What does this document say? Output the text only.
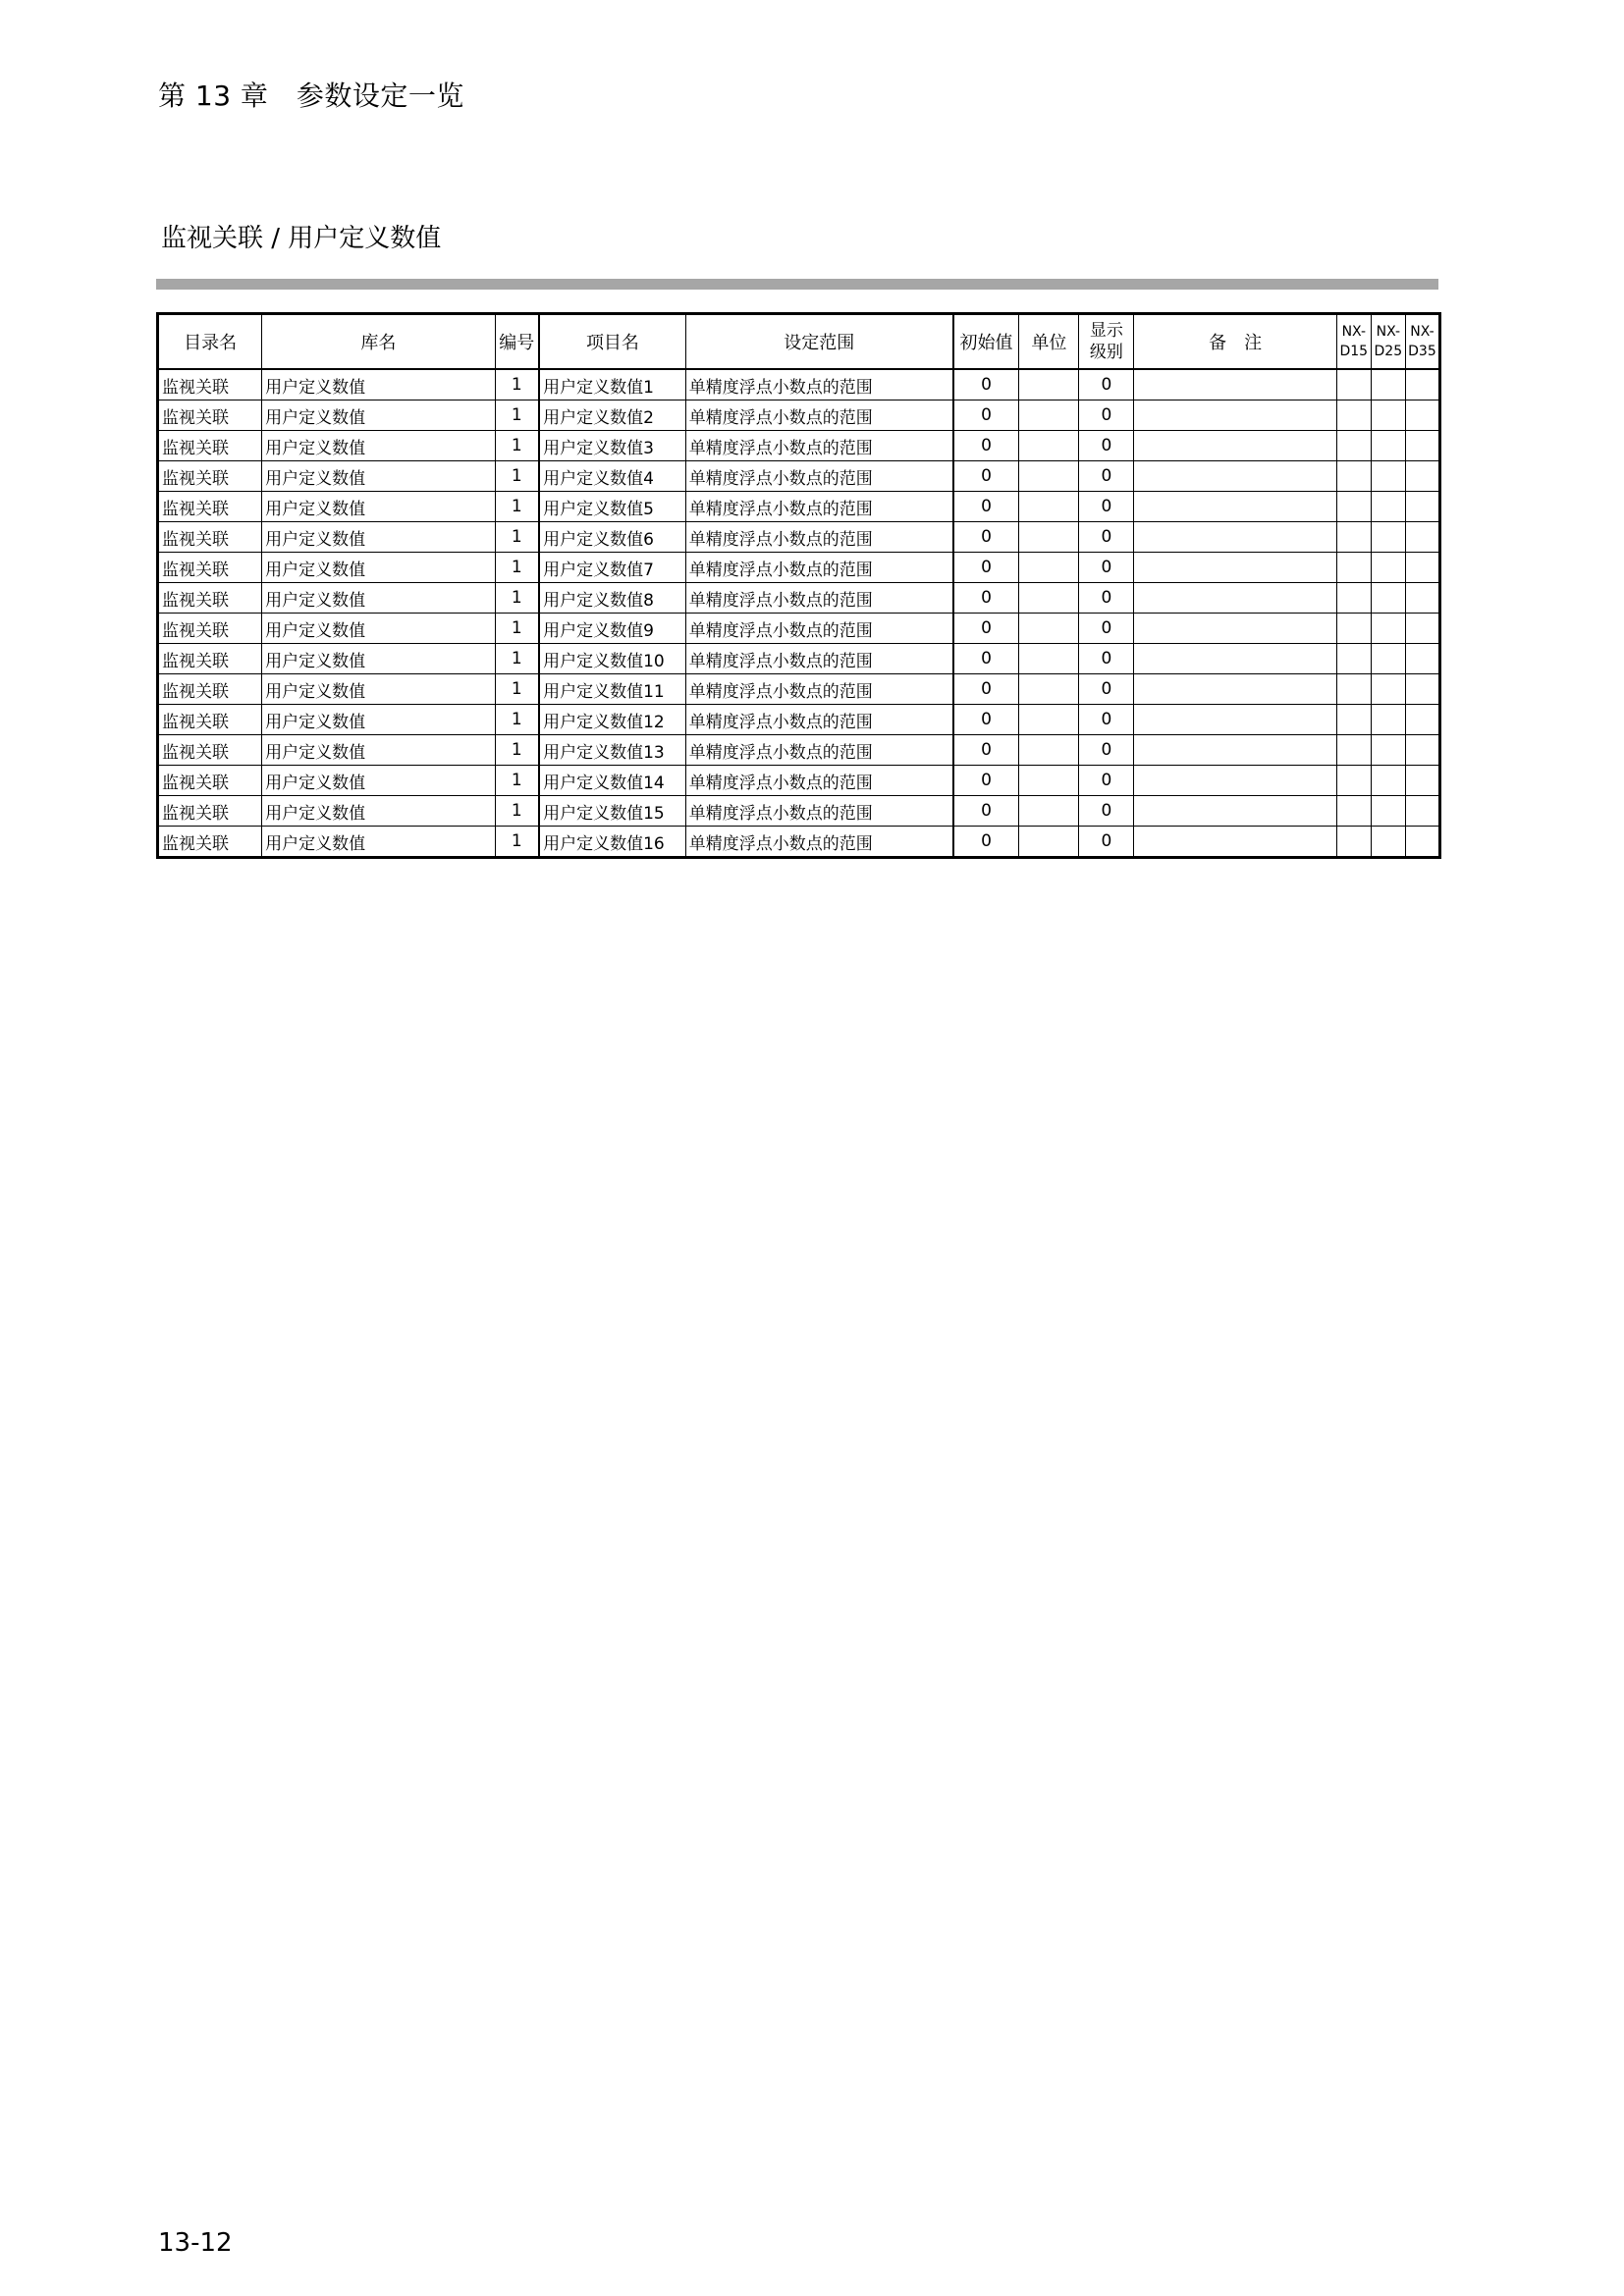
第 13 章　参数设定一览
监视关联 / 用户定义数值
目录名	库名	编号	项目名	设定范围	初始值	单位	显示级别	备　注	NX-D15	NX-D25	NX-D35
监视关联	用户定义数值	1	用户定义数值1	单精度浮点小数点的范围	0		0				
监视关联	用户定义数值	1	用户定义数值2	单精度浮点小数点的范围	0		0				
监视关联	用户定义数值	1	用户定义数值3	单精度浮点小数点的范围	0		0				
监视关联	用户定义数值	1	用户定义数值4	单精度浮点小数点的范围	0		0				
监视关联	用户定义数值	1	用户定义数值5	单精度浮点小数点的范围	0		0				
监视关联	用户定义数值	1	用户定义数值6	单精度浮点小数点的范围	0		0				
监视关联	用户定义数值	1	用户定义数值7	单精度浮点小数点的范围	0		0				
监视关联	用户定义数值	1	用户定义数值8	单精度浮点小数点的范围	0		0				
监视关联	用户定义数值	1	用户定义数值9	单精度浮点小数点的范围	0		0				
监视关联	用户定义数值	1	用户定义数值10	单精度浮点小数点的范围	0		0				
监视关联	用户定义数值	1	用户定义数值11	单精度浮点小数点的范围	0		0				
监视关联	用户定义数值	1	用户定义数值12	单精度浮点小数点的范围	0		0				
监视关联	用户定义数值	1	用户定义数值13	单精度浮点小数点的范围	0		0				
监视关联	用户定义数值	1	用户定义数值14	单精度浮点小数点的范围	0		0				
监视关联	用户定义数值	1	用户定义数值15	单精度浮点小数点的范围	0		0				
监视关联	用户定义数值	1	用户定义数值16	单精度浮点小数点的范围	0		0				
13-12
